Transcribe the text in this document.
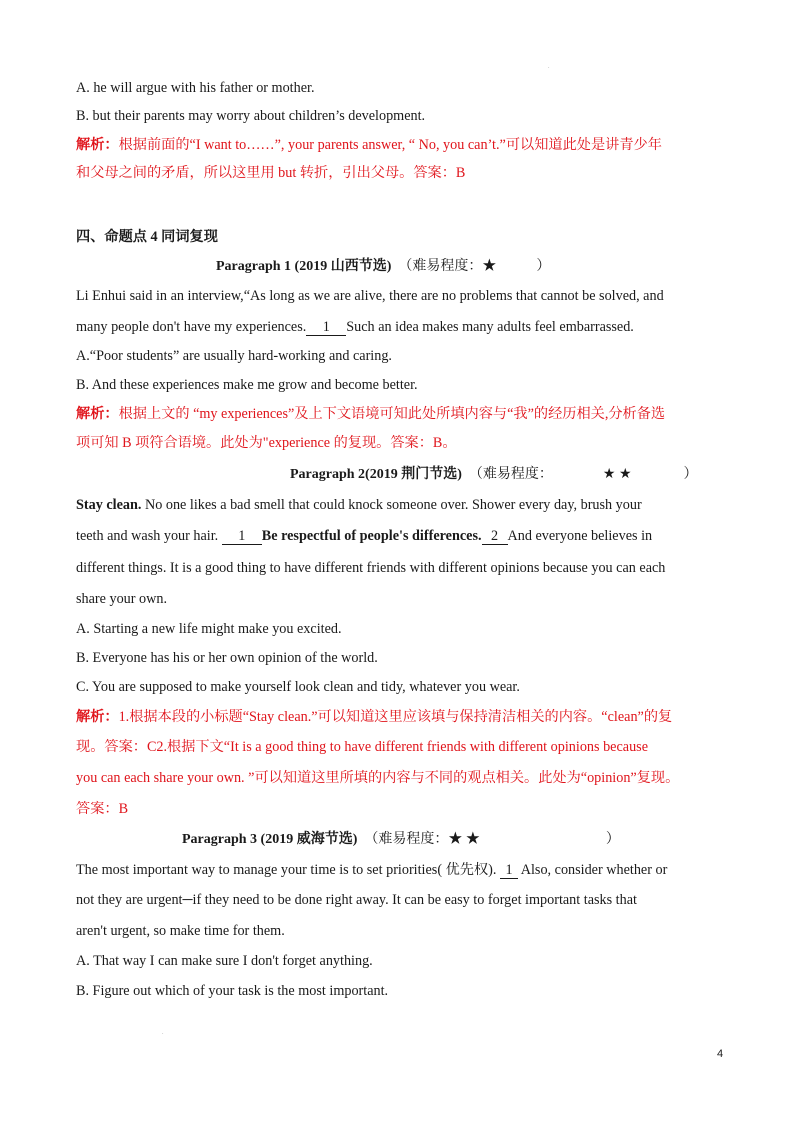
.
A. he will argue with his father or mother.
B. but their parents may worry about children’s development.
解析：根据前面的“I want to……”, your parents answer, “ No, you can’t.”可以知道此处是讲青少年
和父母之间的矛盾，所以这里用 but 转折，引出父母。答案：B
四、命题点 4 同词复现
Paragraph 1 (2019 山西节选) （难易程度：★	）
Li Enhui said in an interview,“As long as we are alive, there are no problems that cannot be solved, and
many people don't have my experiences. 1 Such an idea makes many adults feel embarrassed.
A.“Poor students” are usually hard-working and caring.
B. And these experiences make me grow and become better.
解析：根据上文的 “my experiences”及上下文语境可知此处所填内容与“我”的经历相关,分析备选
项可知 B 项符合语境。此处为"experience 的复现。答案：B。
Paragraph 2(2019 荆门节选) （难易程度：	★ ★	）
Stay clean. No one likes a bad smell that could knock someone over. Shower every day, brush your
teeth and wash your hair. 1 Be respectful of people's differences. 2 And everyone believes in
different things. It is a good thing to have different friends with different opinions because you can each
share your own.
A. Starting a new life might make you excited.
B. Everyone has his or her own opinion of the world.
C. You are supposed to make yourself look clean and tidy, whatever you wear.
解析：1.根据本段的小标题“Stay clean.”可以知道这里应该填与保持清洁相关的内容。“clean”的复
现。答案：C2.根据下文“It is a good thing to have different friends with different opinions because
you can each share your own. ”可以知道这里所填的内容与不同的观点相关。此处为“opinion”复现。
答案：B
Paragraph 3 (2019 威海节选) （难易程度：★ ★	）
The most important way to manage your time is to set priorities( 优先权). 1 Also, consider whether or
not they are urgent─if they need to be done right away. It can be easy to forget important tasks that
aren't urgent, so make time for them.
A. That way I can make sure I don't forget anything.
B. Figure out which of your task is the most important.
.
4
